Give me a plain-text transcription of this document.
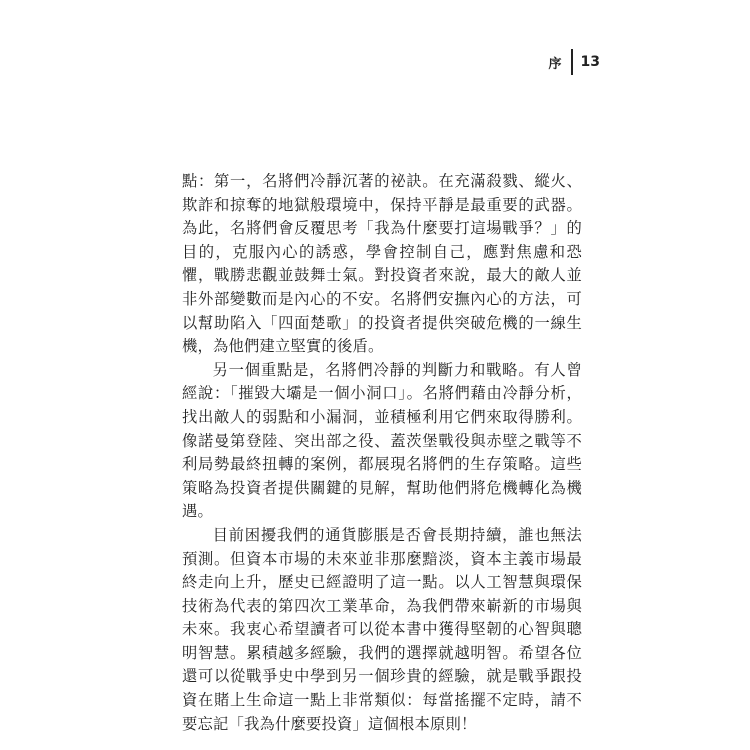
序 13

點：第一，名將們冷靜沉著的祕訣。在充滿殺戮、縱火、欺詐和掠奪的地獄般環境中，保持平靜是最重要的武器。為此，名將們會反覆思考「我為什麼要打這場戰爭？」的目的，克服內心的誘惑，學會控制自己，應對焦慮和恐懼，戰勝悲觀並鼓舞士氣。對投資者來說，最大的敵人並非外部變數而是內心的不安。名將們安撫內心的方法，可以幫助陷入「四面楚歌」的投資者提供突破危機的一線生機，為他們建立堅實的後盾。

另一個重點是，名將們冷靜的判斷力和戰略。有人曾經說：「摧毀大壩是一個小洞口」。名將們藉由冷靜分析，找出敵人的弱點和小漏洞，並積極利用它們來取得勝利。像諾曼第登陸、突出部之役、蓋茨堡戰役與赤壁之戰等不利局勢最終扭轉的案例，都展現名將們的生存策略。這些策略為投資者提供關鍵的見解，幫助他們將危機轉化為機遇。

目前困擾我們的通貨膨脹是否會長期持續，誰也無法預測。但資本市場的未來並非那麼黯淡，資本主義市場最終走向上升，歷史已經證明了這一點。以人工智慧與環保技術為代表的第四次工業革命，為我們帶來嶄新的市場與未來。我衷心希望讀者可以從本書中獲得堅韌的心智與聰明智慧。累積越多經驗，我們的選擇就越明智。希望各位還可以從戰爭史中學到另一個珍貴的經驗，就是戰爭跟投資在賭上生命這一點上非常類似：每當搖擺不定時，請不要忘記「我為什麼要投資」這個根本原則！
